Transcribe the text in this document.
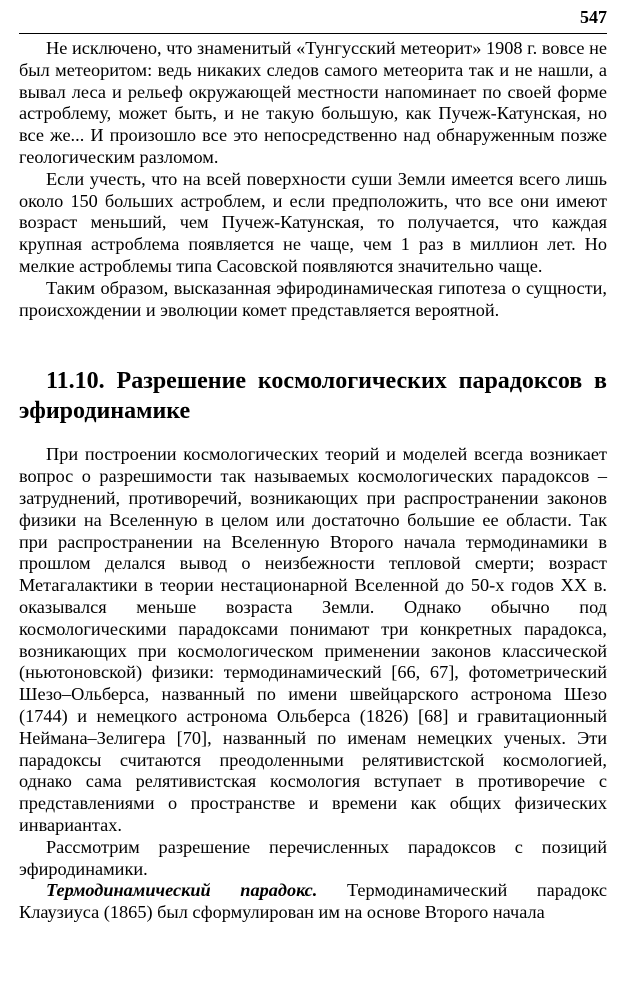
547

Не исключено, что знаменитый «Тунгусский метеорит» 1908 г. вовсе не был метеоритом: ведь никаких следов самого метеорита так и не нашли, а вывал леса и рельеф окружающей местности напоминает по своей форме астроблему, может быть, и не такую большую, как Пучеж-Катунская, но все же... И произошло все это непосредственно над обнаруженным позже геологическим разломом.

Если учесть, что на всей поверхности суши Земли имеется всего лишь около 150 больших астроблем, и если предположить, что все они имеют возраст меньший, чем Пучеж-Катунская, то получается, что каждая крупная астроблема появляется не чаще, чем 1 раз в миллион лет. Но мелкие астроблемы типа Сасовской появляются значительно чаще.

Таким образом, высказанная эфиродинамическая гипотеза о сущности, происхождении и эволюции комет представляется вероятной.

11.10. Разрешение космологических парадоксов в эфиродинамике

При построении космологических теорий и моделей всегда возникает вопрос о разрешимости так называемых космологических парадоксов – затруднений, противоречий, возникающих при распространении законов физики на Вселенную в целом или достаточно большие ее области. Так при распространении на Вселенную Второго начала термодинамики в прошлом делался вывод о неизбежности тепловой смерти; возраст Метагалактики в теории нестационарной Вселенной до 50-х годов XX в. оказывался меньше возраста Земли. Однако обычно под космологическими парадоксами понимают три конкретных парадокса, возникающих при космологическом применении законов классической (ньютоновской) физики: термодинамический [66, 67], фотометрический Шезо–Ольберса, названный по имени швейцарского астронома Шезо (1744) и немецкого астронома Ольберса (1826) [68] и гравитационный Неймана–Зелигера [70], названный по именам немецких ученых. Эти парадоксы считаются преодоленными релятивистской космологией, однако сама релятивистская космология вступает в противоречие с представлениями о пространстве и времени как общих физических инвариантах.

Рассмотрим разрешение перечисленных парадоксов с позиций эфиродинамики.

Термодинамический парадокс. Термодинамический парадокс Клаузиуса (1865) был сформулирован им на основе Второго начала
